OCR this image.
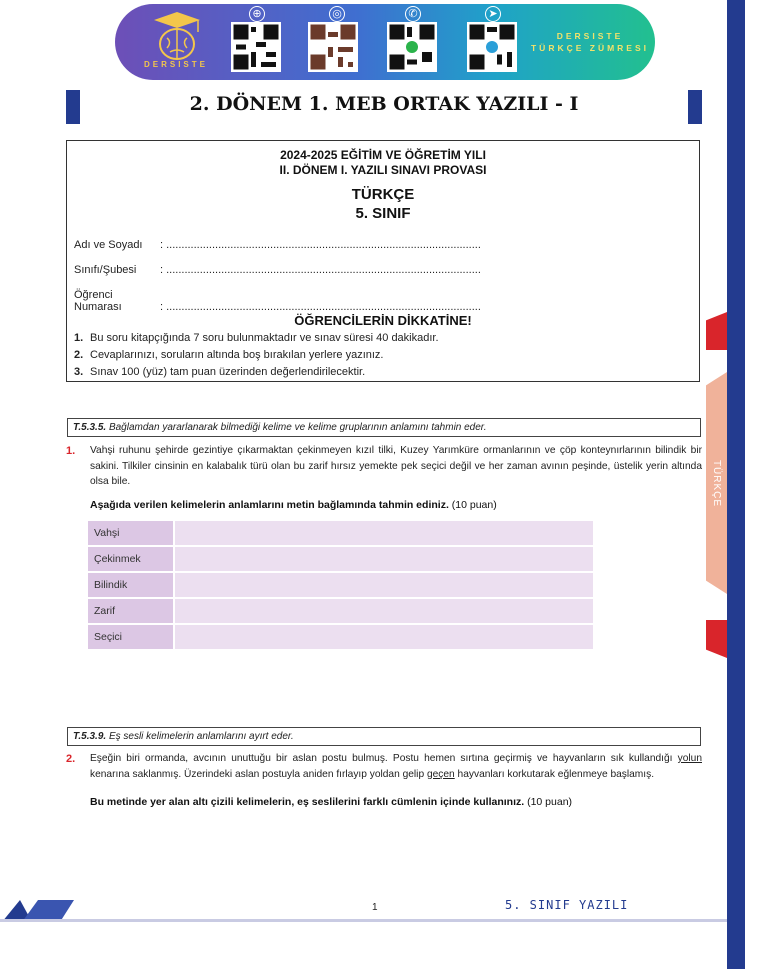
TÜRKÇE
DERSISTE
⊕	◎	✆	➤
DERSISTE
TÜRKÇE ZÜMRESI
2. DÖNEM 1. MEB ORTAK YAZILI - I
2024-2025 EĞİTİM VE ÖĞRETİM YILI
II. DÖNEM I. YAZILI SINAVI PROVASI
TÜRKÇE
5. SINIF
Adı ve Soyadı : .......................................................................................................
Sınıfı/Şubesi : .......................................................................................................
Öğrenci Numarası	: .......................................................................................................
ÖĞRENCİLERİN DİKKATİNE!
1. Bu soru kitapçığında 7 soru bulunmaktadır ve sınav süresi 40 dakikadır.
2. Cevaplarınızı, soruların altında boş bırakılan yerlere yazınız.
3. Sınav 100 (yüz) tam puan üzerinden değerlendirilecektir.
T.5.3.5. Bağlamdan yararlanarak bilmediği kelime ve kelime gruplarının anlamını tahmin eder.
1. Vahşi ruhunu şehirde gezintiye çıkarmaktan çekinmeyen kızıl tilki, Kuzey Yarımküre ormanlarının ve çöp konteynırlarının bilindik bir sakini. Tilkiler cinsinin en kalabalık türü olan bu zarif hırsız yemekte pek seçici değil ve her zaman avının peşinde, üstelik yerin altında olsa bile.
Aşağıda verilen kelimelerin anlamlarını metin bağlamında tahmin ediniz. (10 puan)
Vahşi
Çekinmek
Bilindik
Zarif
Seçici
T.5.3.9. Eş sesli kelimelerin anlamlarını ayırt eder.
2. Eşeğin biri ormanda, avcının unuttuğu bir aslan postu bulmuş. Postu hemen sırtına geçirmiş ve hayvanların sık kullandığı yolun kenarına saklanmış. Üzerindeki aslan postuyla aniden fırlayıp yoldan gelip geçen hayvanları korkutarak eğlenmeye başlamış.
Bu metinde yer alan altı çizili kelimelerin, eş seslilerini farklı cümlenin içinde kullanınız. (10 puan)
1	5. SINIF YAZILI
